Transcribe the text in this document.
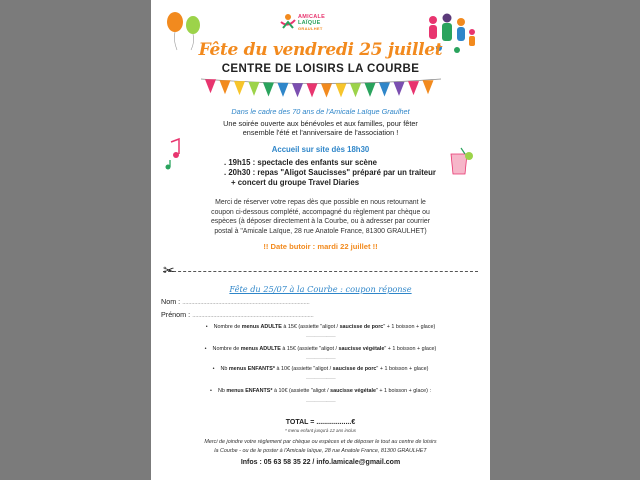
AMICALE
LAÏQUE
GRAULHET
Fête du vendredi 25 juillet
CENTRE DE LOISIRS LA COURBE
Dans le cadre des 70 ans de l'Amicale Laïque Graulhet
Une soirée ouverte aux bénévoles et aux familles, pour fêter
ensemble l'été et l'anniversaire de l'association !
Accueil sur site dès 18h30
. 19h15 : spectacle des enfants sur scène
. 20h30 : repas "Aligot Saucisses" préparé par un traiteur
+ concert du groupe Travel Diaries
Merci de réserver votre repas dès que possible en nous retournant le
coupon ci-dessous complété, accompagné du règlement par chèque ou
espèces (à déposer directement à la Courbe, ou à adresser par courrier
postal à "Amicale Laïque, 28 rue Anatole France, 81300 GRAULHET)
!! Date butoir : mardi 22 juillet !!
✂
Fête du 25/07 à la Courbe : coupon réponse
Nom : .....................................................................................
Prénom : .................................................................................
• Nombre de menus ADULTE à 15€ (assiette "aligot / saucisse de porc" + 1 boisson + glace)
..............................
• Nombre de menus ADULTE à 15€ (assiette "aligot / saucisse végétale" + 1 boisson + glace)
..............................
• Nb menus ENFANTS* à 10€ (assiette "aligot / saucisse de porc" + 1 boisson + glace)
..............................
• Nb menus ENFANTS* à 10€ (assiette "aligot / saucisse végétale" + 1 boisson + glace) :
..............................
TOTAL = ..................€
* menu enfant jusqu'à 12 ans inclus
Merci de joindre votre règlement par chèque ou espèces et de déposer le tout au centre de loisirs
la Courbe - ou de le poster à l'Amicale laïque, 28 rue Anatole France, 81300 GRAULHET
Infos : 05 63 58 35 22 / info.lamicale@gmail.com
